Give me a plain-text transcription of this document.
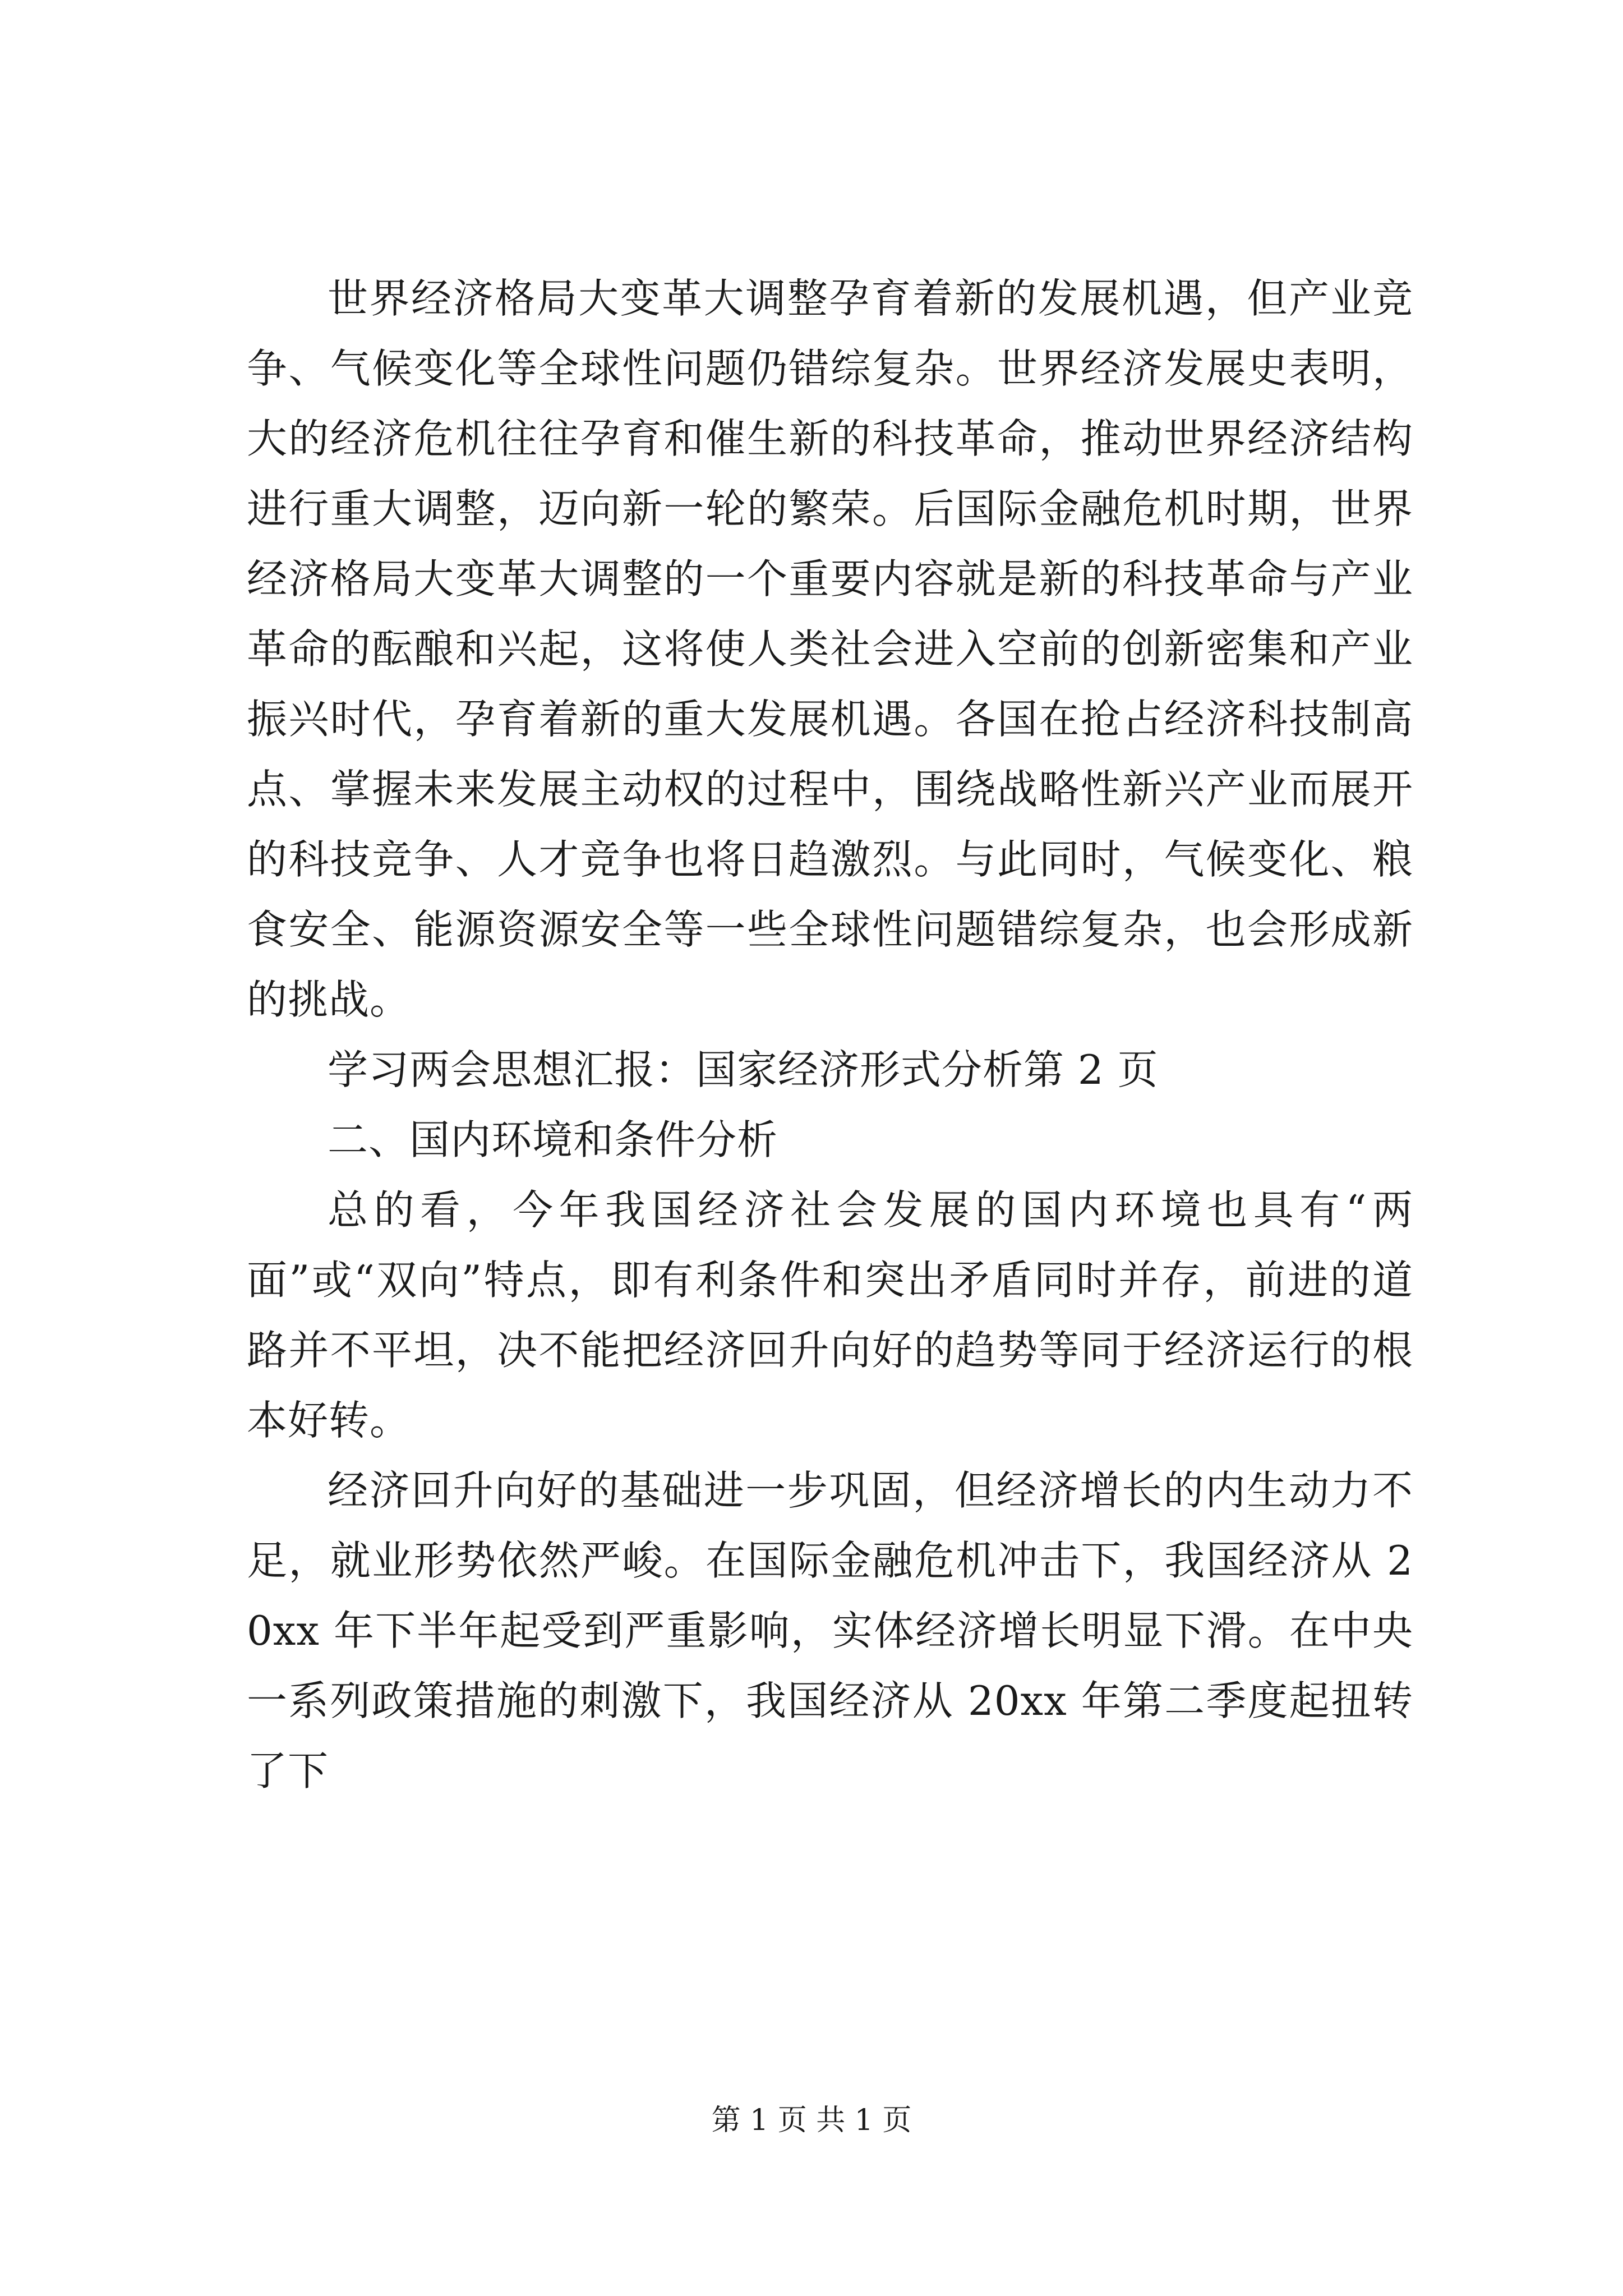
世界经济格局大变革大调整孕育着新的发展机遇，但产业竞争、气候变化等全球性问题仍错综复杂。世界经济发展史表明，大的经济危机往往孕育和催生新的科技革命，推动世界经济结构进行重大调整，迈向新一轮的繁荣。后国际金融危机时期，世界经济格局大变革大调整的一个重要内容就是新的科技革命与产业革命的酝酿和兴起，这将使人类社会进入空前的创新密集和产业振兴时代，孕育着新的重大发展机遇。各国在抢占经济科技制高点、掌握未来发展主动权的过程中，围绕战略性新兴产业而展开的科技竞争、人才竞争也将日趋激烈。与此同时，气候变化、粮食安全、能源资源安全等一些全球性问题错综复杂，也会形成新的挑战。

学习两会思想汇报：国家经济形式分析第 2 页

二、国内环境和条件分析

总的看，今年我国经济社会发展的国内环境也具有“两面”或“双向”特点，即有利条件和突出矛盾同时并存，前进的道路并不平坦，决不能把经济回升向好的趋势等同于经济运行的根本好转。

经济回升向好的基础进一步巩固，但经济增长的内生动力不足，就业形势依然严峻。在国际金融危机冲击下，我国经济从 20xx 年下半年起受到严重影响，实体经济增长明显下滑。在中央一系列政策措施的刺激下，我国经济从 20xx 年第二季度起扭转了下

第 1 页 共 1 页
